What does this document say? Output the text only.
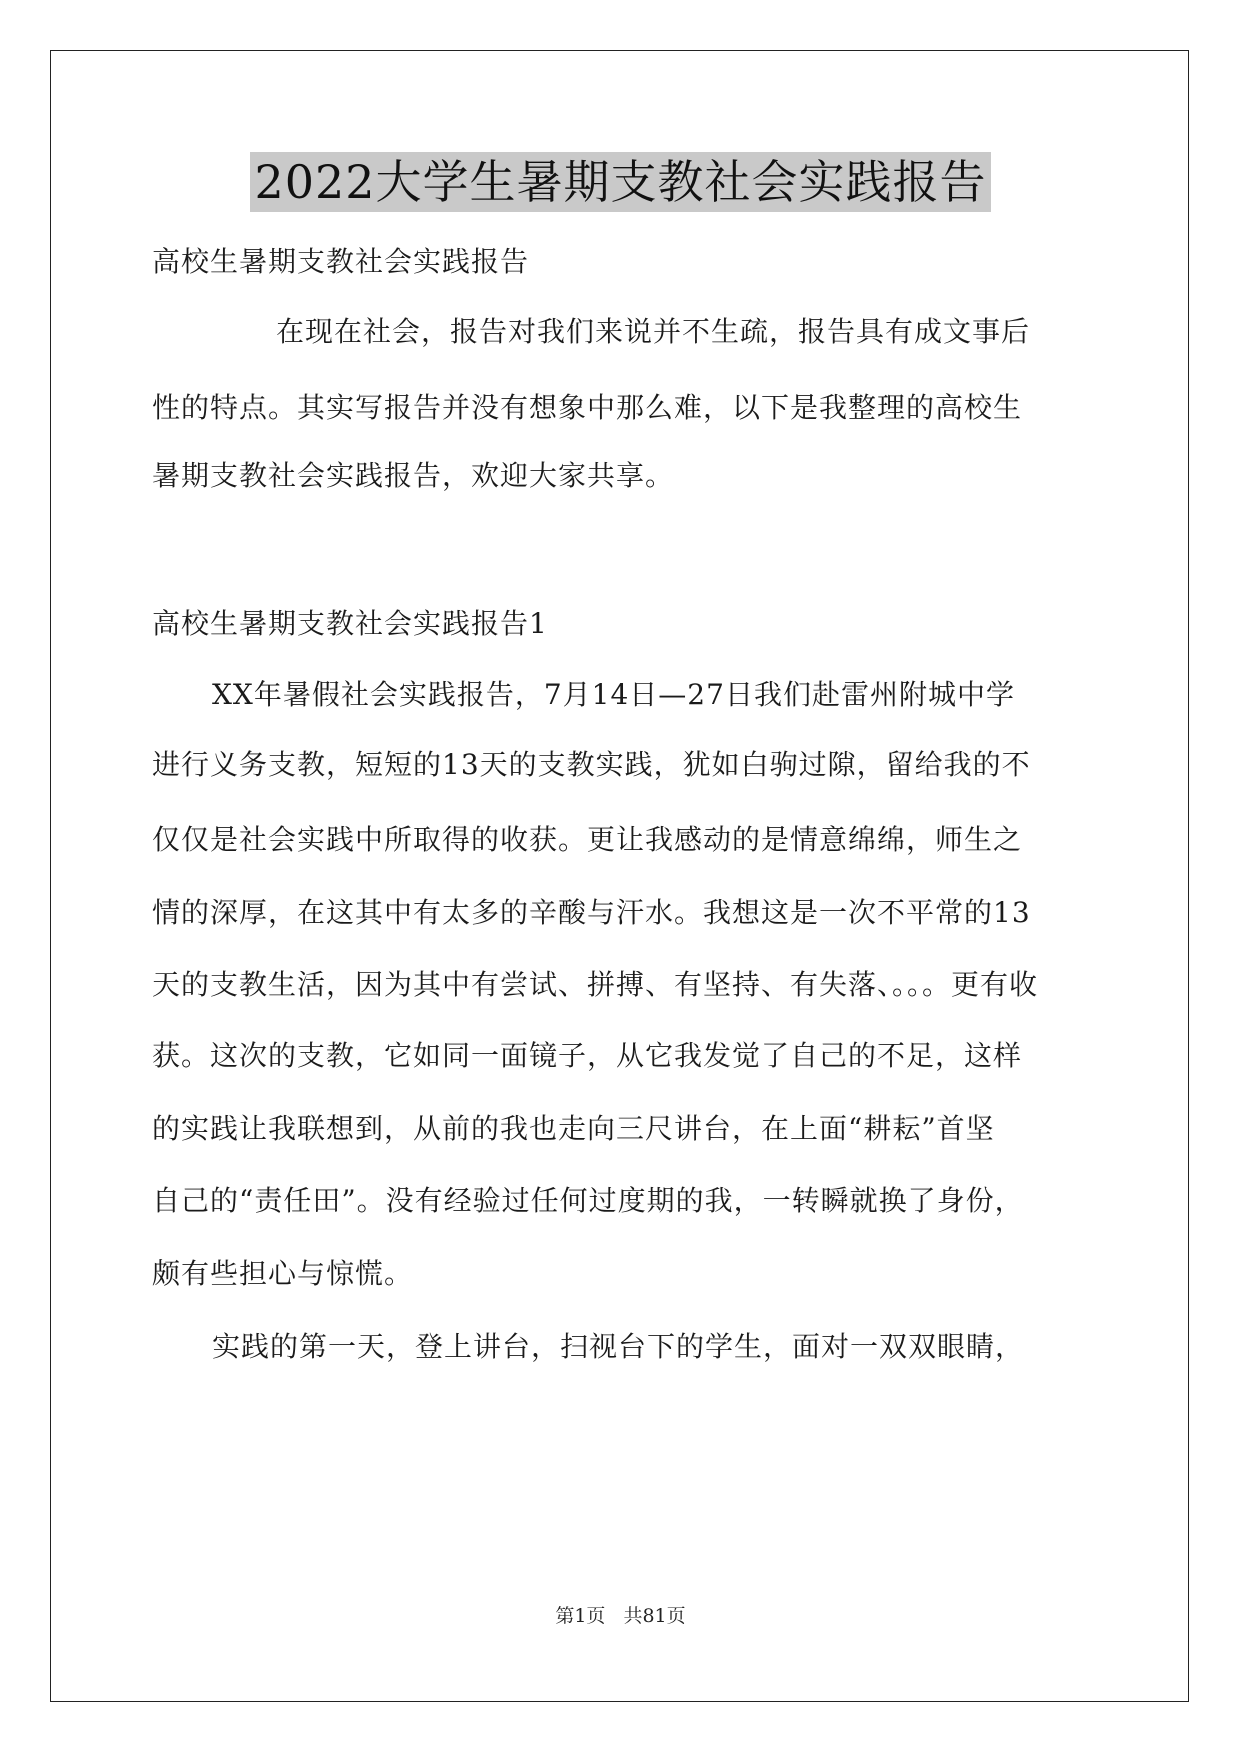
2022大学生暑期支教社会实践报告
高校生暑期支教社会实践报告
在现在社会，报告对我们来说并不生疏，报告具有成文事后
性的特点。其实写报告并没有想象中那么难，以下是我整理的高校生
暑期支教社会实践报告，欢迎大家共享。
高校生暑期支教社会实践报告1
XX年暑假社会实践报告，7月14日—27日我们赴雷州附城中学
进行义务支教，短短的13天的支教实践，犹如白驹过隙，留给我的不
仅仅是社会实践中所取得的收获。更让我感动的是情意绵绵，师生之
情的深厚，在这其中有太多的辛酸与汗水。我想这是一次不平常的13
天的支教生活，因为其中有尝试、拼搏、有坚持、有失落、。。。更有收
获。这次的支教，它如同一面镜子，从它我发觉了自己的不足，这样
的实践让我联想到，从前的我也走向三尺讲台，在上面“耕耘”首坚
自己的“责任田”。没有经验过任何过度期的我，一转瞬就换了身份，
颇有些担心与惊慌。
实践的第一天，登上讲台，扫视台下的学生，面对一双双眼睛，
第1页 共81页
